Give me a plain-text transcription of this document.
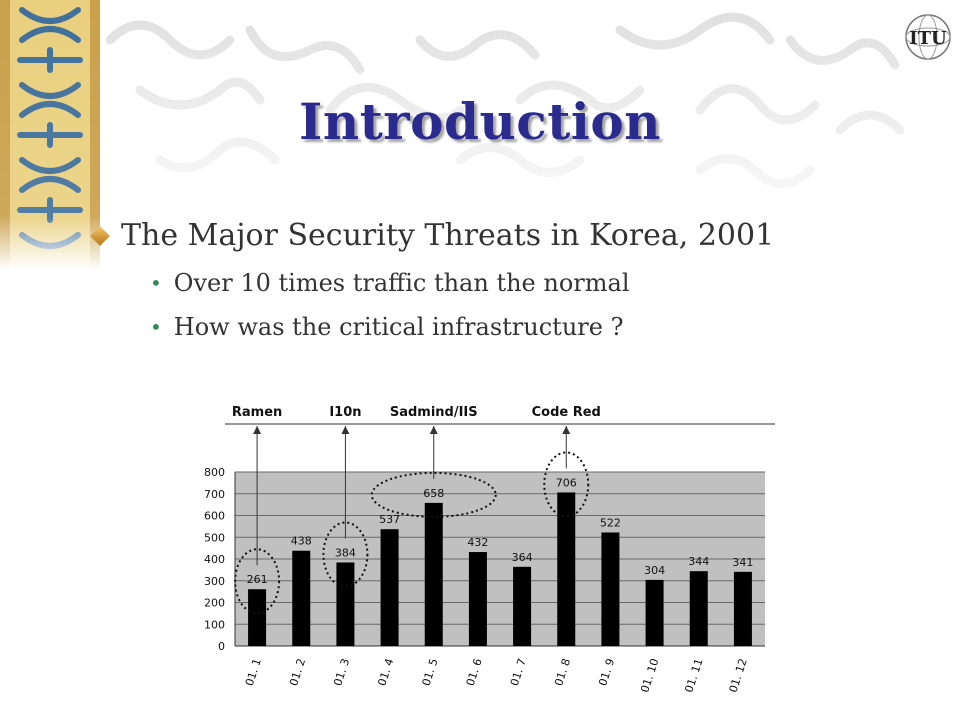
ITU
Introduction
The Major Security Threats in Korea, 2001
• Over 10 times traffic than the normal
• How was the critical infrastructure ?
0
100
200
300
400
500
600
700
800
261
01. 1
438
01. 2
384
01. 3
537
01. 4
658
01. 5
432
01. 6
364
01. 7
706
01. 8
522
01. 9
304
01. 10
344
01. 11
341
01. 12
Ramen	I10n Sadmind/IIS	Code Red
